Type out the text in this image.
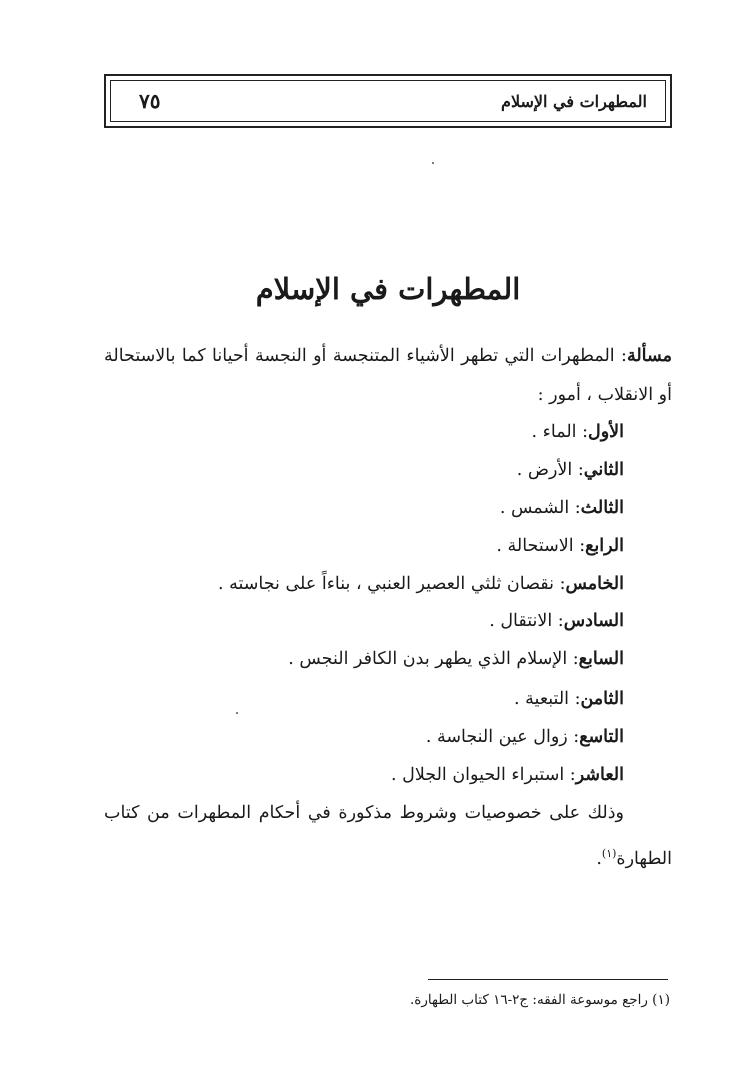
٧٥	المطهرات في الإسلام
المطهرات في الإسلام
مسألة: المطهرات التي تطهر الأشياء المتنجسة أو النجسة أحيانا كما بالاستحالة
أو الانقلاب ، أمور :
الأول: الماء .
الثاني: الأرض .
الثالث: الشمس .
الرابع: الاستحالة .
الخامس: نقصان ثلثي العصير العنبي ، بناءاً على نجاسته .
السادس: الانتقال .
السابع: الإسلام الذي يطهر بدن الكافر النجس .
الثامن: التبعية .
التاسع: زوال عين النجاسة .
العاشر: استبراء الحيوان الجلال .
وذلك على خصوصيات وشروط مذكورة في أحكام المطهرات من كتاب
الطهارة$^{(١)}$.
(١) راجع موسوعة الفقه: ج٢-١٦ كتاب الطهارة.
